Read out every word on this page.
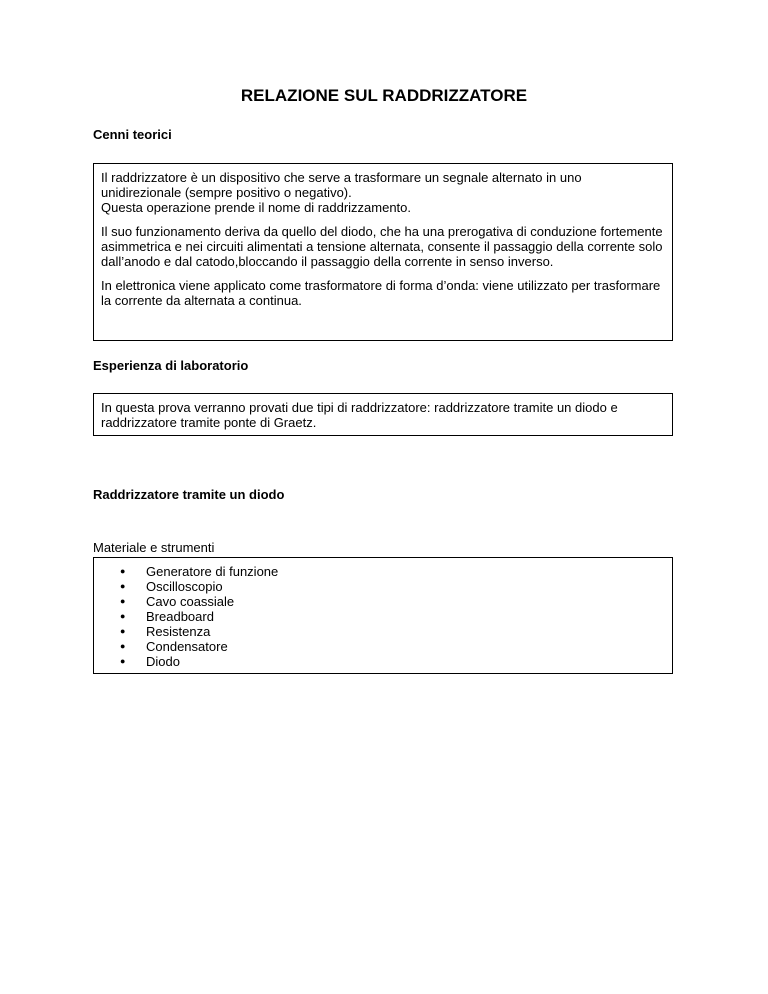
RELAZIONE SUL RADDRIZZATORE
Cenni teorici

Il raddrizzatore è un dispositivo che serve a trasformare un segnale alternato in uno unidirezionale (sempre positivo o negativo).

Questa operazione prende il nome di raddrizzamento.

Il suo funzionamento deriva da quello del diodo, che ha una prerogativa di conduzione fortemente asimmetrica e nei circuiti alimentati a tensione alternata, consente il passaggio della corrente solo dall’anodo e dal catodo,bloccando il passaggio della corrente in senso inverso.

In elettronica viene applicato come trasformatore di forma d’onda: viene utilizzato per trasformare la corrente da alternata a continua.

Esperienza di laboratorio

In questa prova verranno provati due tipi di raddrizzatore: raddrizzatore tramite un diodo e raddrizzatore tramite ponte di Graetz.

Raddrizzatore tramite un diodo
Materiale e strumenti
● Generatore di funzione
● Oscilloscopio
● Cavo coassiale
● Breadboard
● Resistenza
● Condensatore
● Diodo
